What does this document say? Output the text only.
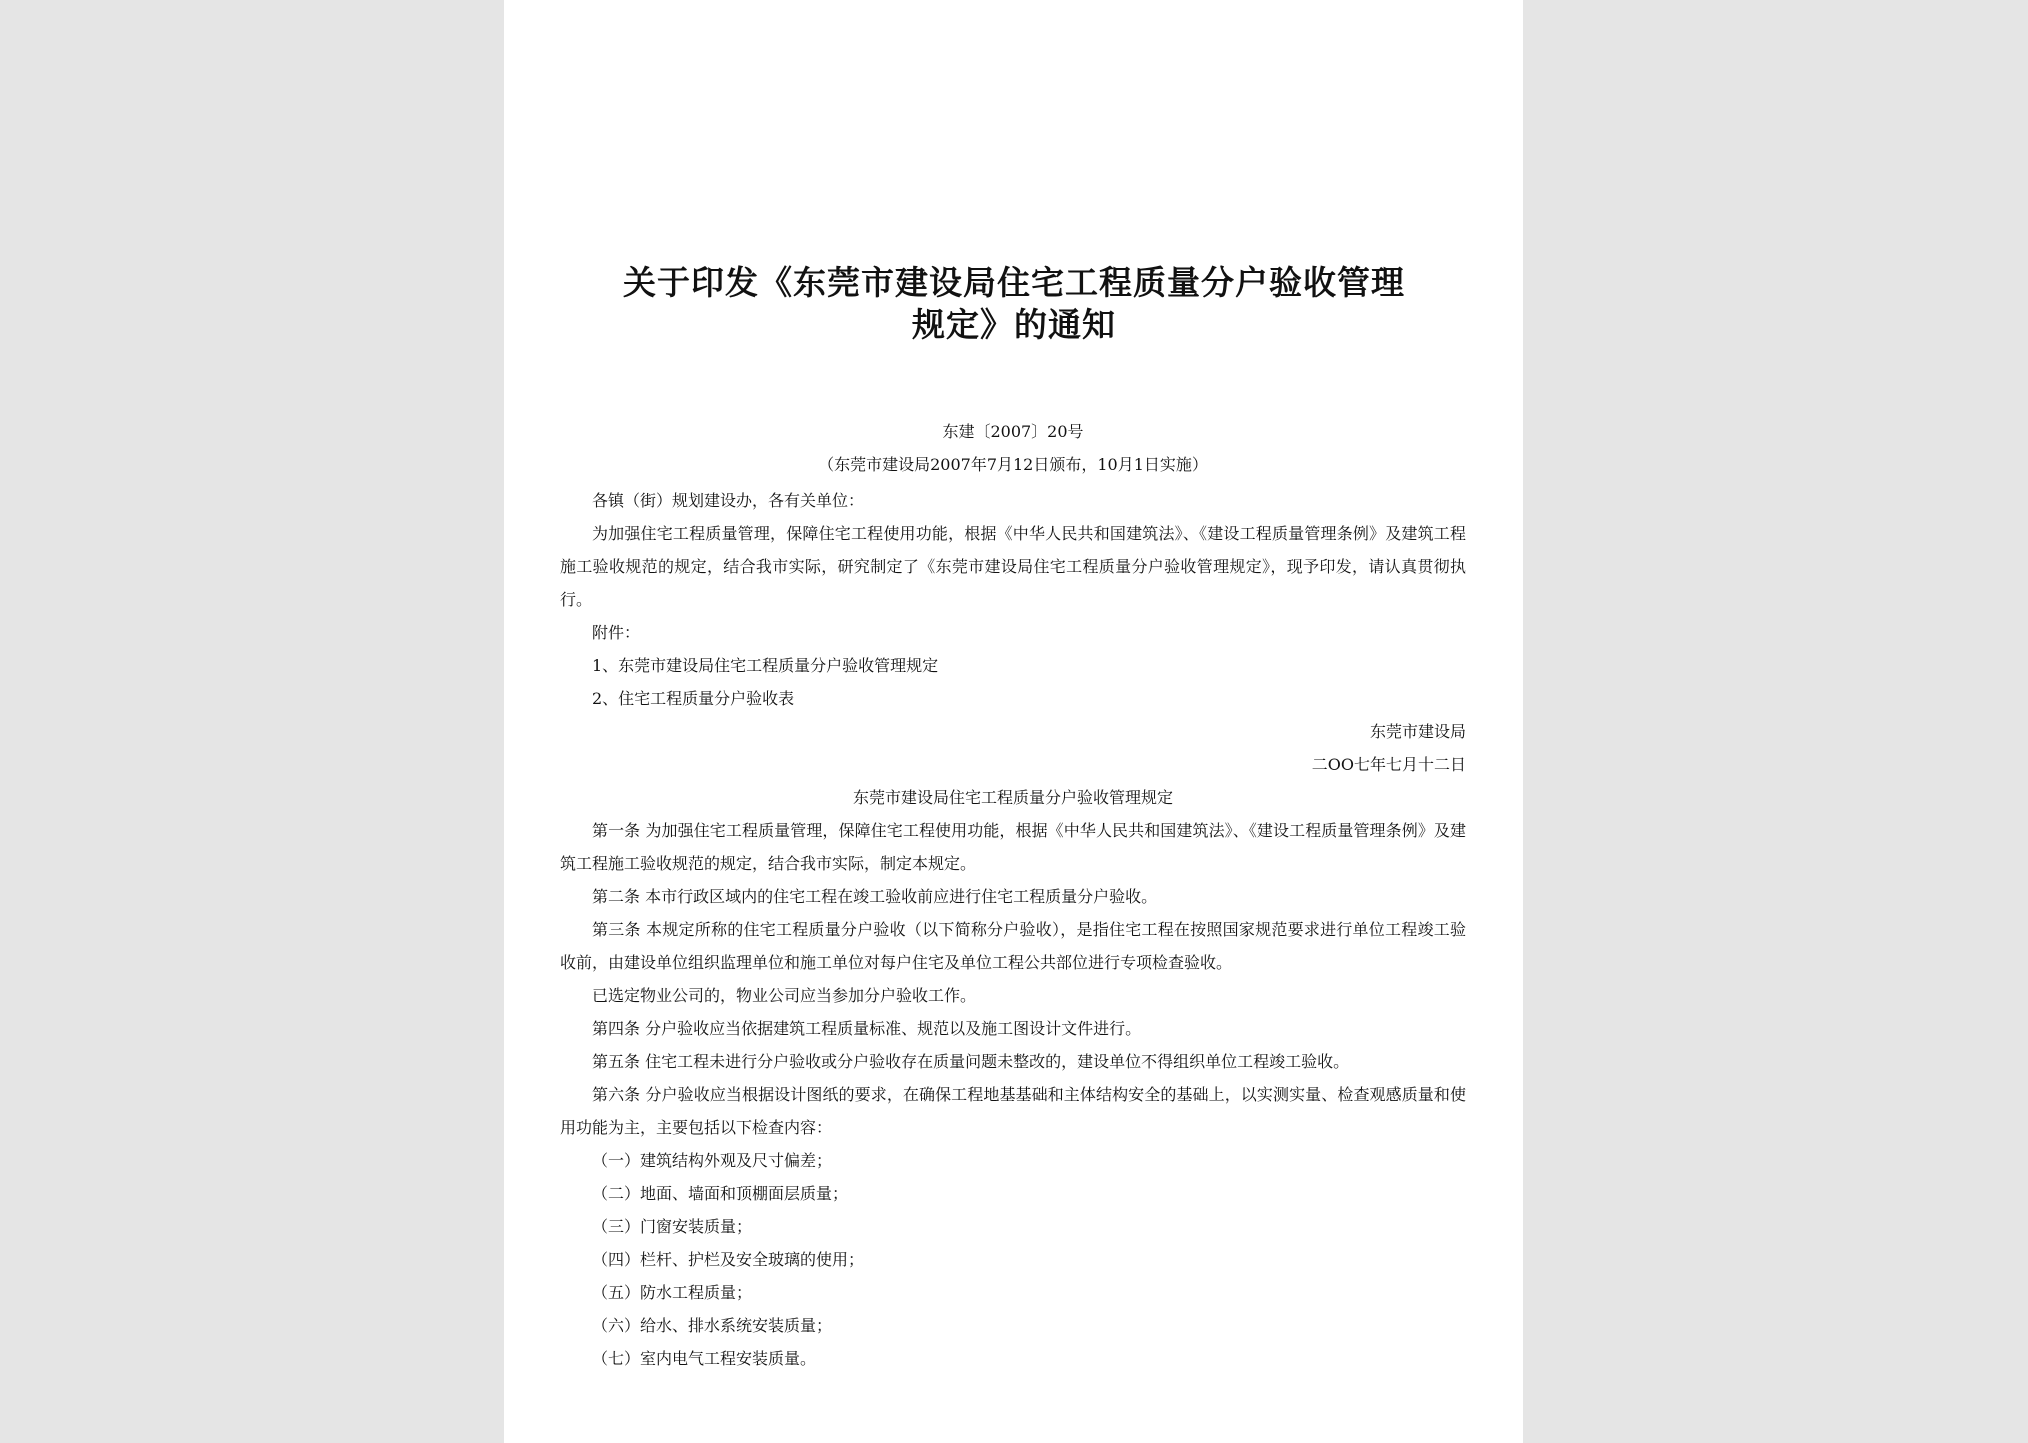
关于印发《东莞市建设局住宅工程质量分户验收管理
规定》的通知
东建〔2007〕20号
（东莞市建设局2007年7月12日颁布，10月1日实施）

各镇（街）规划建设办，各有关单位：

为加强住宅工程质量管理，保障住宅工程使用功能，根据《中华人民共和国建筑法》、《建设工程质量管理条例》及建筑工程施工验收规范的规定，结合我市实际，研究制定了《东莞市建设局住宅工程质量分户验收管理规定》，现予印发，请认真贯彻执行。

附件：

1、东莞市建设局住宅工程质量分户验收管理规定

2、住宅工程质量分户验收表

东莞市建设局

二OO七年七月十二日

东莞市建设局住宅工程质量分户验收管理规定

第一条 为加强住宅工程质量管理，保障住宅工程使用功能，根据《中华人民共和国建筑法》、《建设工程质量管理条例》及建筑工程施工验收规范的规定，结合我市实际，制定本规定。

第二条 本市行政区域内的住宅工程在竣工验收前应进行住宅工程质量分户验收。

第三条 本规定所称的住宅工程质量分户验收（以下简称分户验收），是指住宅工程在按照国家规范要求进行单位工程竣工验收前，由建设单位组织监理单位和施工单位对每户住宅及单位工程公共部位进行专项检查验收。

已选定物业公司的，物业公司应当参加分户验收工作。

第四条 分户验收应当依据建筑工程质量标准、规范以及施工图设计文件进行。

第五条 住宅工程未进行分户验收或分户验收存在质量问题未整改的，建设单位不得组织单位工程竣工验收。

第六条 分户验收应当根据设计图纸的要求，在确保工程地基基础和主体结构安全的基础上，以实测实量、检查观感质量和使用功能为主，主要包括以下检查内容：

（一）建筑结构外观及尺寸偏差；

（二）地面、墙面和顶棚面层质量；

（三）门窗安装质量；

（四）栏杆、护栏及安全玻璃的使用；

（五）防水工程质量；

（六）给水、排水系统安装质量；

（七）室内电气工程安装质量。
